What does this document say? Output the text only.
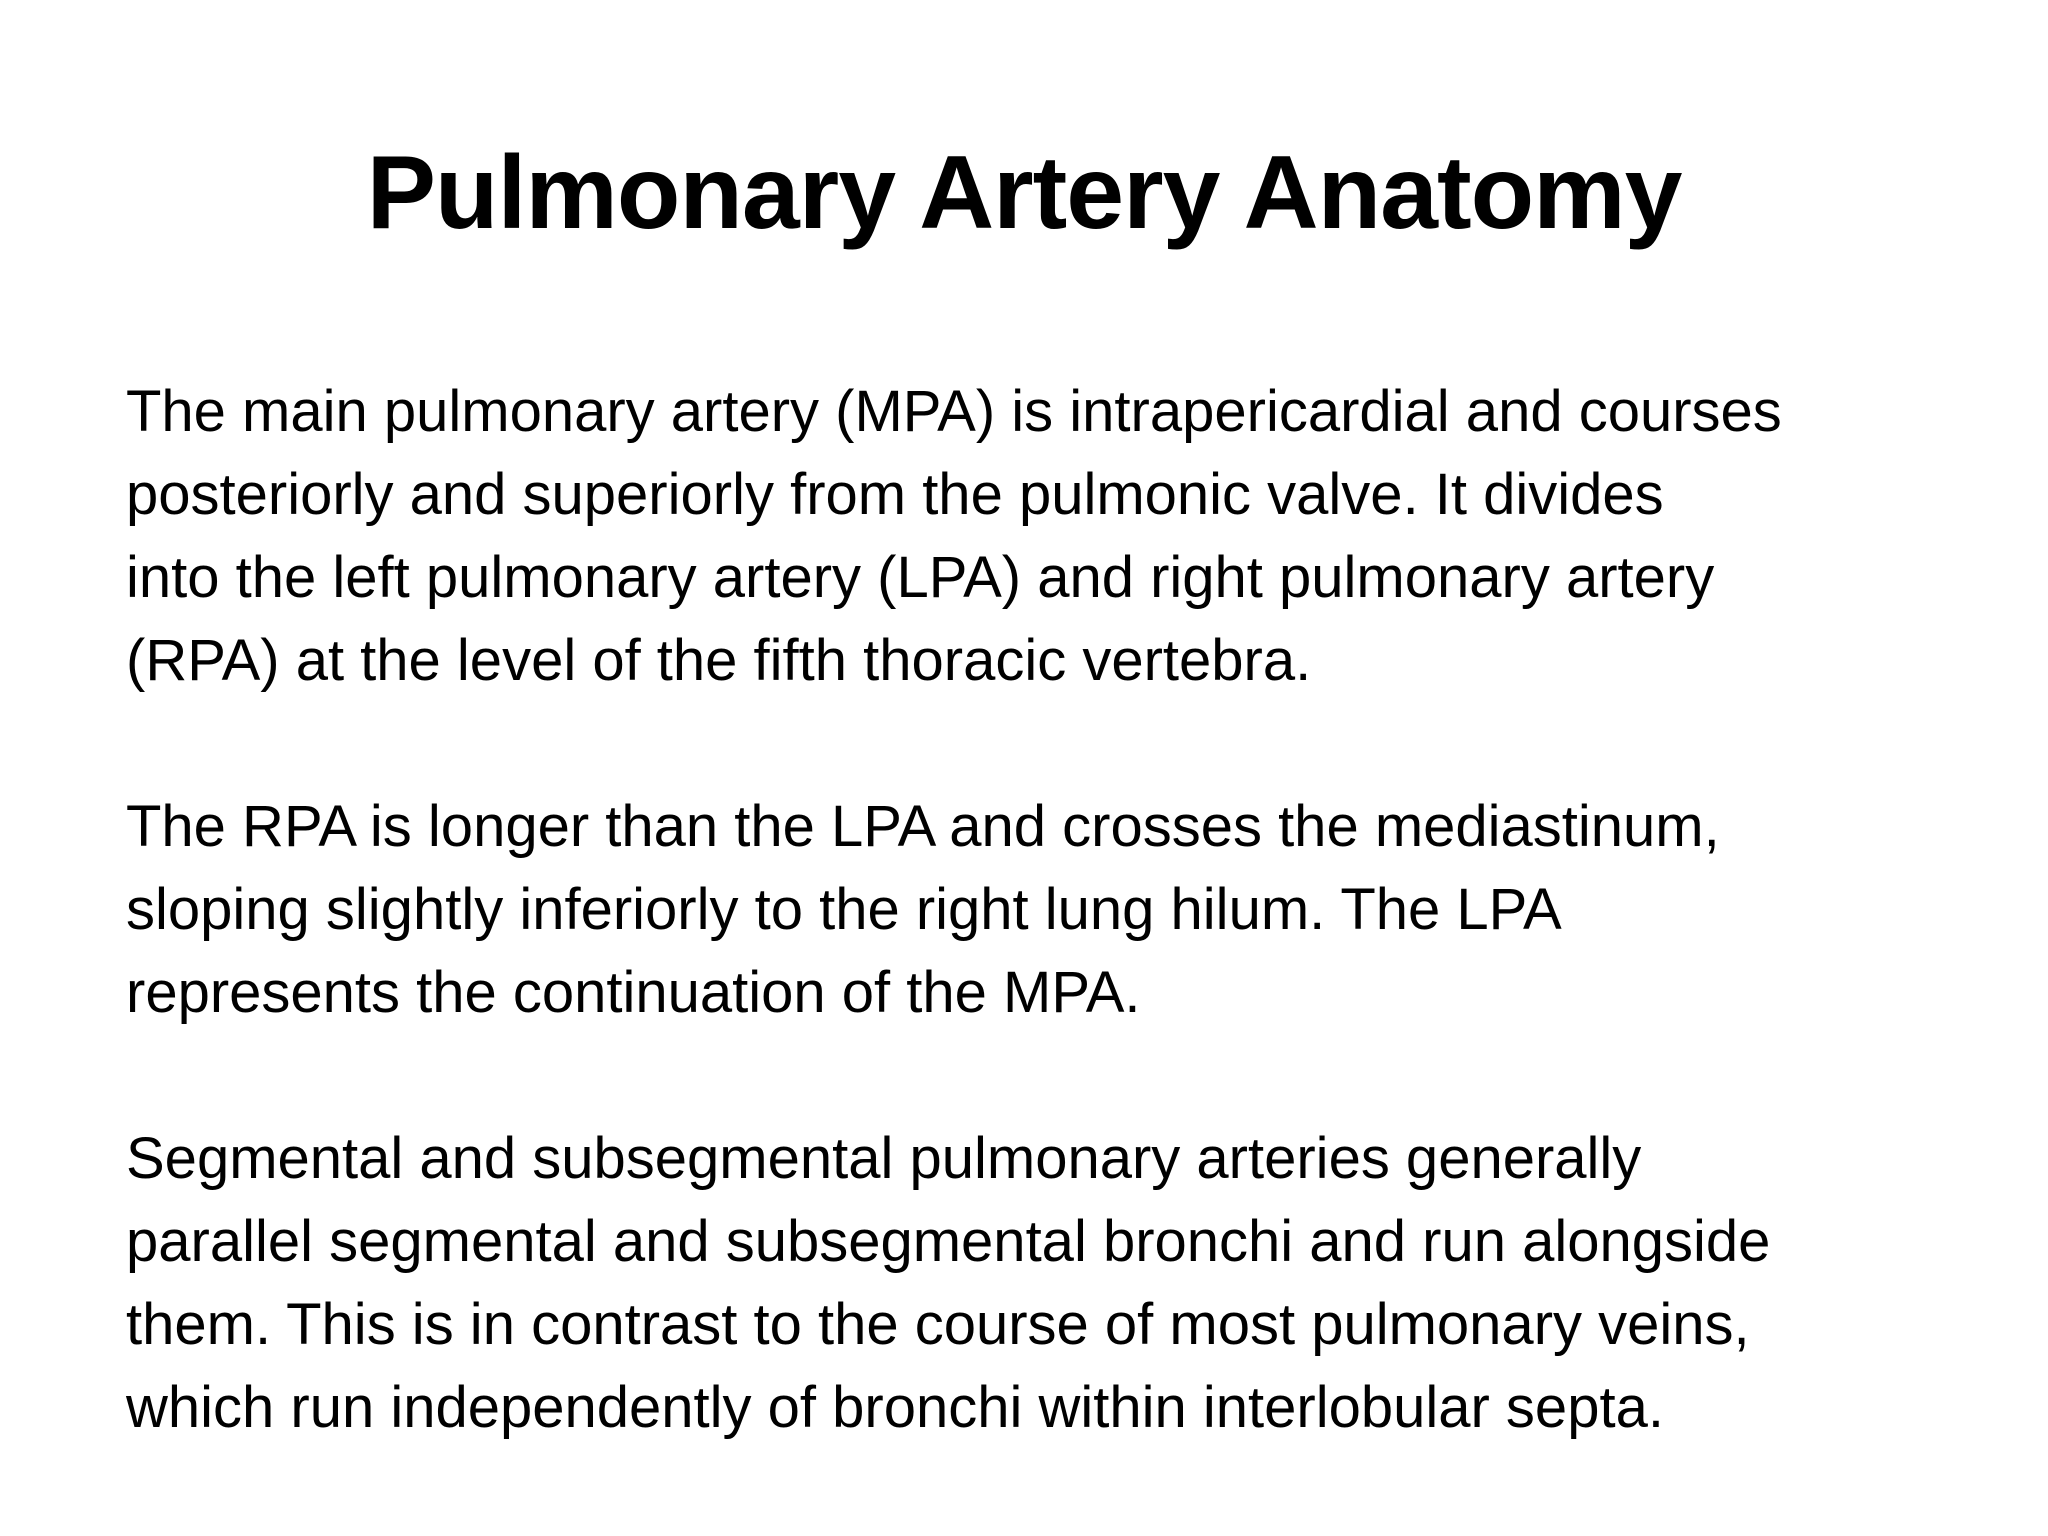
Pulmonary Artery Anatomy

The main pulmonary artery (MPA) is intrapericardial and courses
posteriorly and superiorly from the pulmonic valve. It divides
into the left pulmonary artery (LPA) and right pulmonary artery
(RPA) at the level of the fifth thoracic vertebra.

The RPA is longer than the LPA and crosses the mediastinum,
sloping slightly inferiorly to the right lung hilum. The LPA
represents the continuation of the MPA.

Segmental and subsegmental pulmonary arteries generally
parallel segmental and subsegmental bronchi and run alongside
them. This is in contrast to the course of most pulmonary veins,
which run independently of bronchi within interlobular septa.
